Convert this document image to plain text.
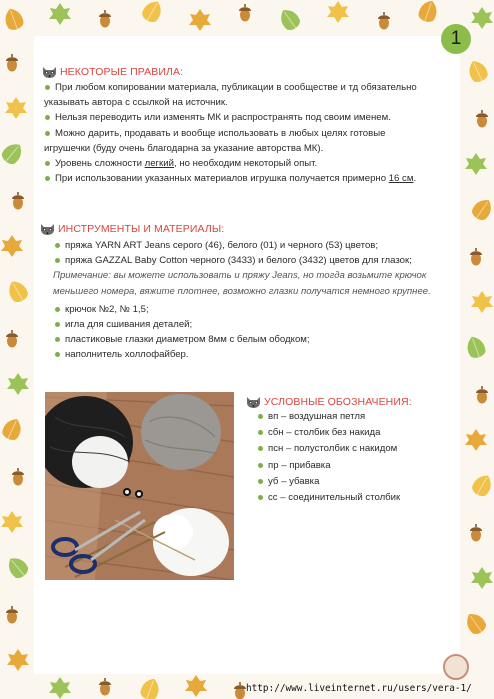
1
НЕКОТОРЫЕ ПРАВИЛА:
При любом копировании материала, публикации в сообществе и тд обязательно
указывать автора с ссылкой на источник.
Нельзя переводить или изменять МК и распространять под своим именем.
Можно дарить, продавать и вообще использовать в любых целях готовые
игрушечки (буду очень благодарна за указание авторства МК).
Уровень сложности легкий, но необходим некоторый опыт.
При использовании указанных материалов игрушка получается примерно 16 см.
ИНСТРУМЕНТЫ И МАТЕРИАЛЫ:
пряжа YARN ART Jeans серого (46), белого (01) и черного (53) цветов;
пряжа GAZZAL Baby Cotton черного (3433) и белого (3432) цветов для глазок;
Примечание: вы можете использовать и пряжу Jeans, но тогда возьмите крючок
меньшего номера, вяжите плотнее, возможно глазки получатся немного крупнее.
крючок №2, № 1,5;
игла для сшивания деталей;
пластиковые глазки диаметром 8мм с белым ободком;
наполнитель холлофайбер.
УСЛОВНЫЕ ОБОЗНАЧЕНИЯ:
вп – воздушная петля
сбн – столбик без накида
псн – полустолбик с накидом
пр – прибавка
уб – убавка
сс – соединительный столбик
http://www.liveinternet.ru/users/vera-1/
